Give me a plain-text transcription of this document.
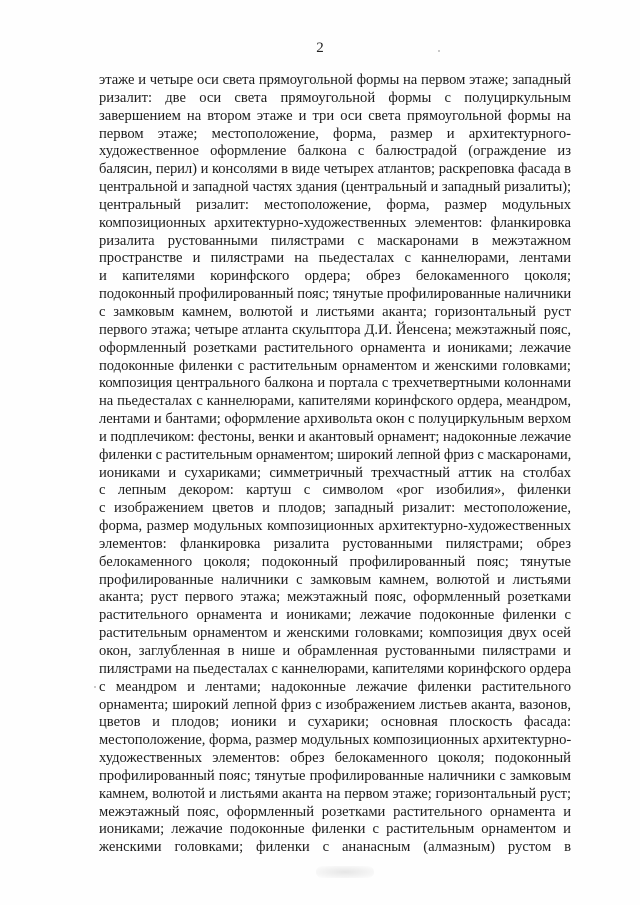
2
этаже и четыре оси света прямоугольной формы на первом этаже; западный
ризалит: две оси света прямоугольной формы с полуциркульным
завершением на втором этаже и три оси света прямоугольной формы на
первом этаже; местоположение, форма, размер и архитектурного-
художественное оформление балкона с балюстрадой (ограждение из
балясин, перил) и консолями в виде четырех атлантов; раскреповка фасада в
центральной и западной частях здания (центральный и западный ризалиты);
центральный ризалит: местоположение, форма, размер модульных
композиционных архитектурно-художественных элементов: фланкировка
ризалита рустованными пилястрами с маскаронами в межэтажном
пространстве и пилястрами на пьедесталах с каннелюрами, лентами
и капителями коринфского ордера; обрез белокаменного цоколя;
подоконный профилированный пояс; тянутые профилированные наличники
с замковым камнем, волютой и листьями аканта; горизонтальный руст
первого этажа; четыре атланта скульптора Д.И. Йенсена; межэтажный пояс,
оформленный розетками растительного орнамента и иониками; лежачие
подоконные филенки с растительным орнаментом и женскими головками;
композиция центрального балкона и портала с трехчетвертными колоннами
на пьедесталах с каннелюрами, капителями коринфского ордера, меандром,
лентами и бантами; оформление архивольта окон с полуциркульным верхом
и подплечиком: фестоны, венки и акантовый орнамент; надоконные лежачие
филенки с растительным орнаментом; широкий лепной фриз с маскаронами,
иониками и сухариками; симметричный трехчастный аттик на столбах
с лепным декором: картуш с символом «рог изобилия», филенки
с изображением цветов и плодов; западный ризалит: местоположение,
форма, размер модульных композиционных архитектурно-художественных
элементов: фланкировка ризалита рустованными пилястрами; обрез
белокаменного цоколя; подоконный профилированный пояс; тянутые
профилированные наличники с замковым камнем, волютой и листьями
аканта; руст первого этажа; межэтажный пояс, оформленный розетками
растительного орнамента и иониками; лежачие подоконные филенки с
растительным орнаментом и женскими головками; композиция двух осей
окон, заглубленная в нише и обрамленная рустованными пилястрами и
пилястрами на пьедесталах с каннелюрами, капителями коринфского ордера
с меандром и лентами; надоконные лежачие филенки растительного
орнамента; широкий лепной фриз с изображением листьев аканта, вазонов,
цветов и плодов; ионики и сухарики; основная плоскость фасада:
местоположение, форма, размер модульных композиционных архитектурно-
художественных элементов: обрез белокаменного цоколя; подоконный
профилированный пояс; тянутые профилированные наличники с замковым
камнем, волютой и листьями аканта на первом этаже; горизонтальный руст;
межэтажный пояс, оформленный розетками растительного орнамента и
иониками; лежачие подоконные филенки с растительным орнаментом и
женскими головками; филенки с ананасным (алмазным) рустом в
